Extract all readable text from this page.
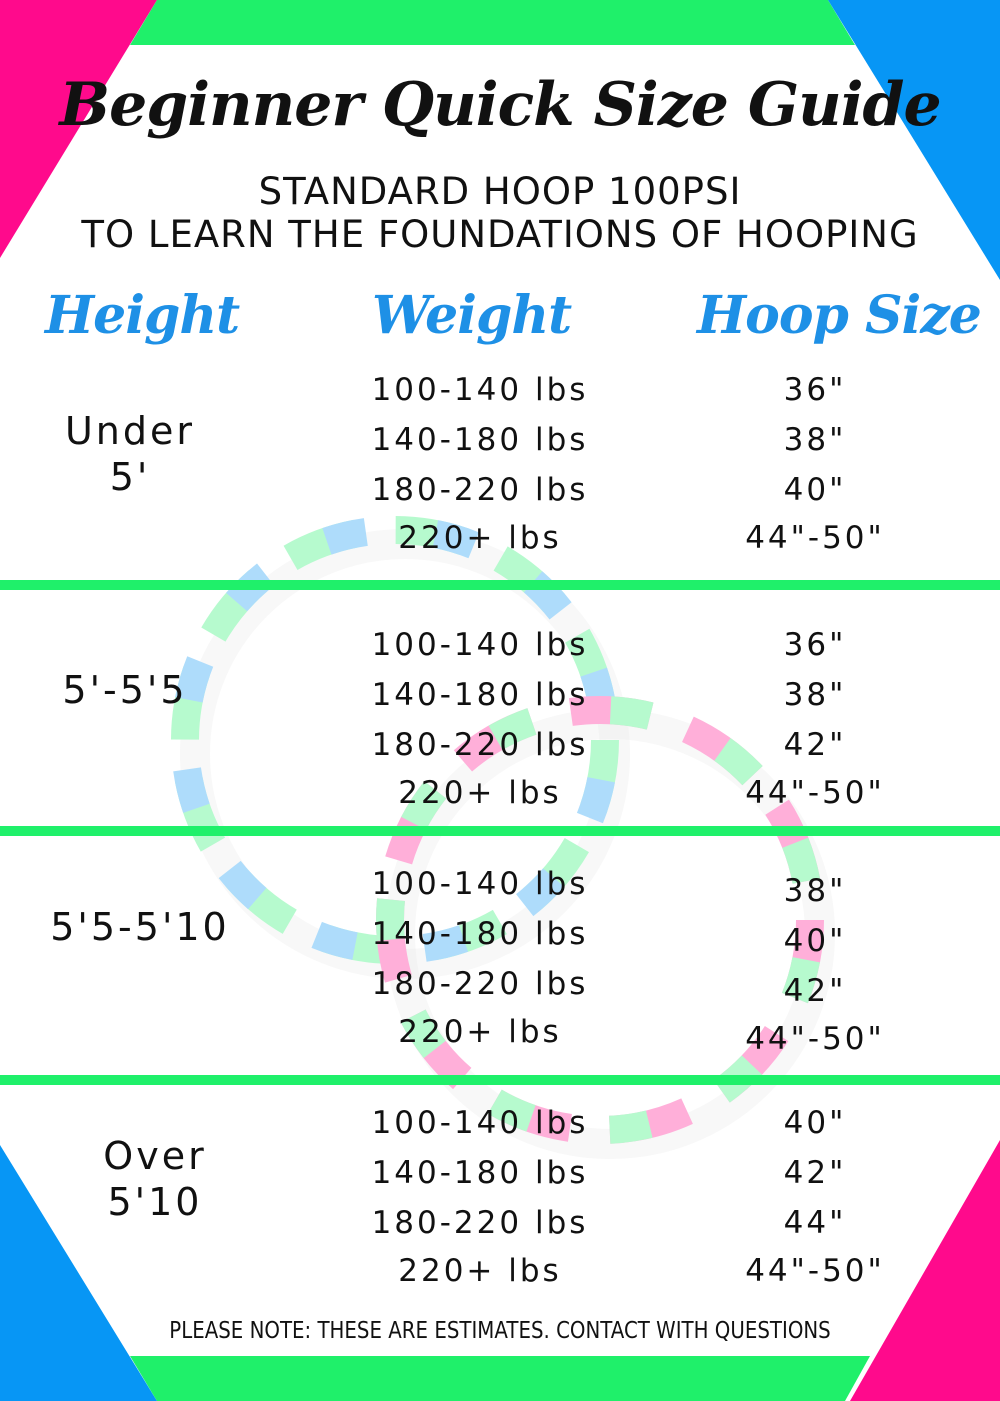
Beginner Quick Size Guide
STANDARD HOOP 100PSI
TO LEARN THE FOUNDATIONS OF HOOPING
Height	Weight Hoop Size
Under
5'
100-140 lbs	36"
140-180 lbs	38"
180-220 lbs	40"
220+ lbs	44"-50"
5'-5'5
100-140 lbs	36"
140-180 lbs	38"
180-220 lbs	42"
220+ lbs	44"-50"
5'5-5'10
100-140 lbs	38"
140-180 lbs	40"
180-220 lbs	42"
220+ lbs	44"-50"
Over
5'10
100-140 lbs	40"
140-180 lbs	42"
180-220 lbs	44"
220+ lbs	44"-50"
PLEASE NOTE: THESE ARE ESTIMATES. CONTACT WITH QUESTIONS
